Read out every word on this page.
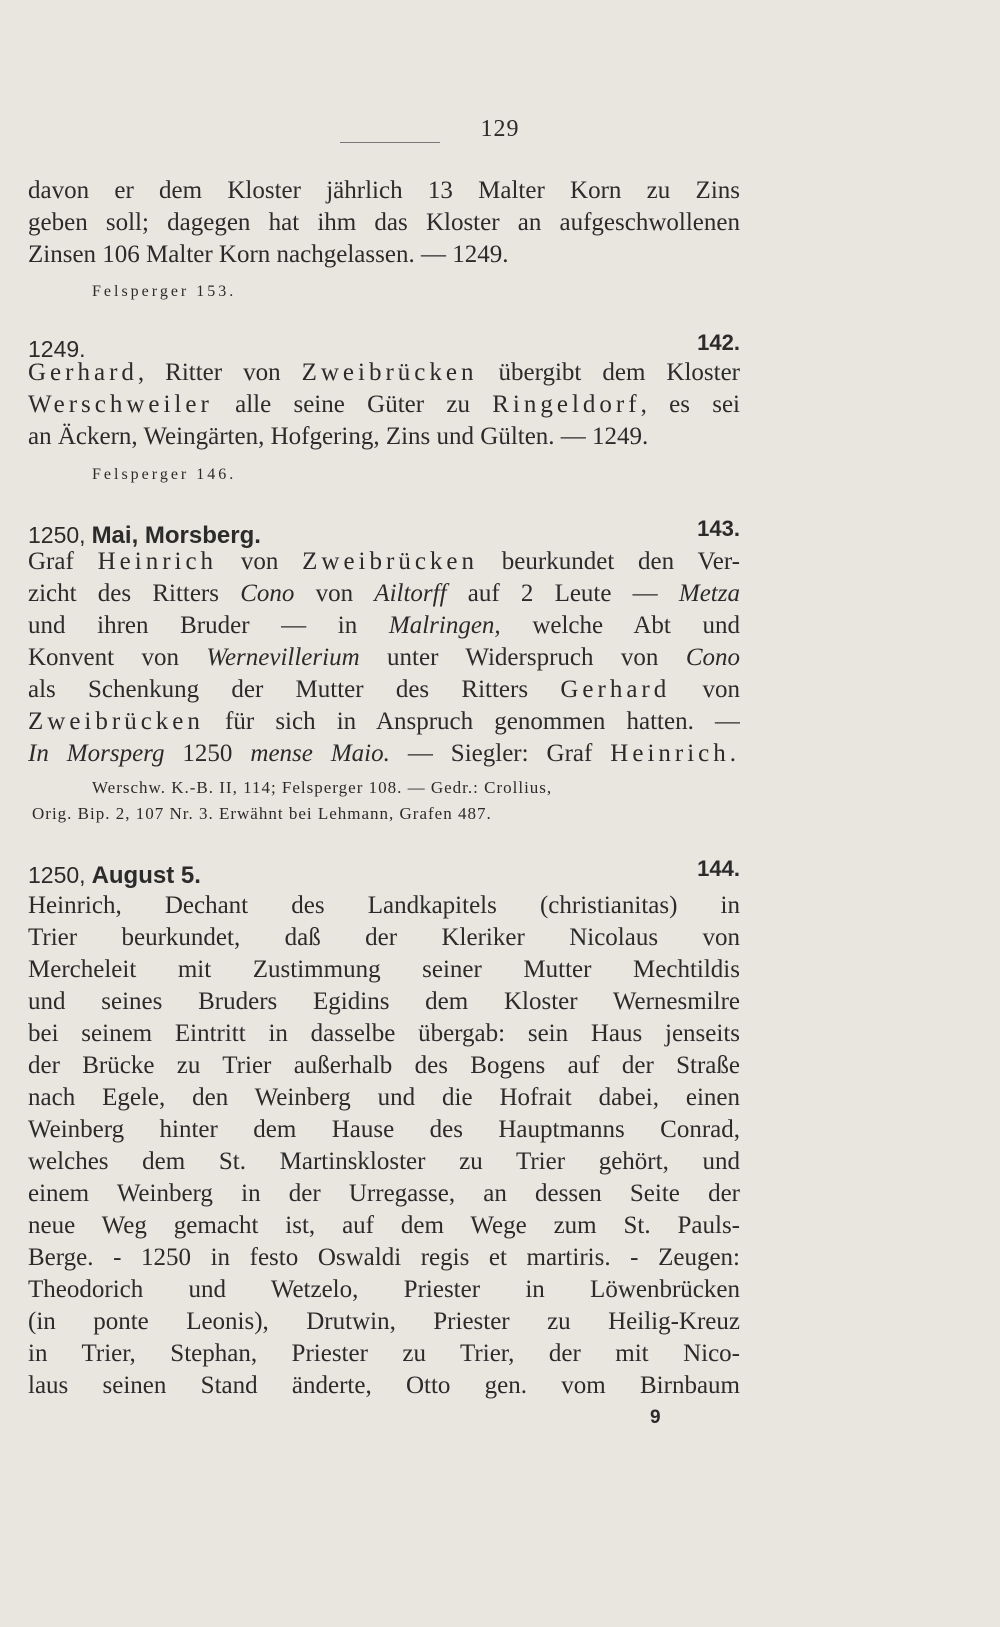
129
davon er dem Kloster jährlich 13 Malter Korn zu Zins
geben soll; dagegen hat ihm das Kloster an aufgeschwollenen
Zinsen 106 Malter Korn nachgelassen. — 1249.
Felsperger 153.
1249.	142.
Gerhard, Ritter von Zweibrücken übergibt dem Kloster
Werschweiler alle seine Güter zu Ringeldorf, es sei
an Äckern, Weingärten, Hofgering, Zins und Gülten. — 1249.
Felsperger 146.
1250, Mai, Morsberg.	143.
Graf Heinrich von Zweibrücken beurkundet den Ver-
zicht des Ritters Cono von Ailtorff auf 2 Leute — Metza
und ihren Bruder — in Malringen, welche Abt und
Konvent von Wernevillerium unter Widerspruch von Cono
als Schenkung der Mutter des Ritters Gerhard von
Zweibrücken für sich in Anspruch genommen hatten. —
In Morsperg 1250 mense Maio. — Siegler: Graf Heinrich.
Werschw. K.-B. II, 114; Felsperger 108. — Gedr.: Crollius,
Orig. Bip. 2, 107 Nr. 3. Erwähnt bei Lehmann, Grafen 487.
1250, August 5.	144.
Heinrich, Dechant des Landkapitels (christianitas) in
Trier beurkundet, daß der Kleriker Nicolaus von
Mercheleit mit Zustimmung seiner Mutter Mechtildis
und seines Bruders Egidins dem Kloster Wernesmilre
bei seinem Eintritt in dasselbe übergab: sein Haus jenseits
der Brücke zu Trier außerhalb des Bogens auf der Straße
nach Egele, den Weinberg und die Hofrait dabei, einen
Weinberg hinter dem Hause des Hauptmanns Conrad,
welches dem St. Martinskloster zu Trier gehört, und
einem Weinberg in der Urregasse, an dessen Seite der
neue Weg gemacht ist, auf dem Wege zum St. Pauls-
Berge. - 1250 in festo Oswaldi regis et martiris. - Zeugen:
Theodorich und Wetzelo, Priester in Löwenbrücken
(in ponte Leonis), Drutwin, Priester zu Heilig-Kreuz
in Trier, Stephan, Priester zu Trier, der mit Nico-
laus seinen Stand änderte, Otto gen. vom Birnbaum
9
